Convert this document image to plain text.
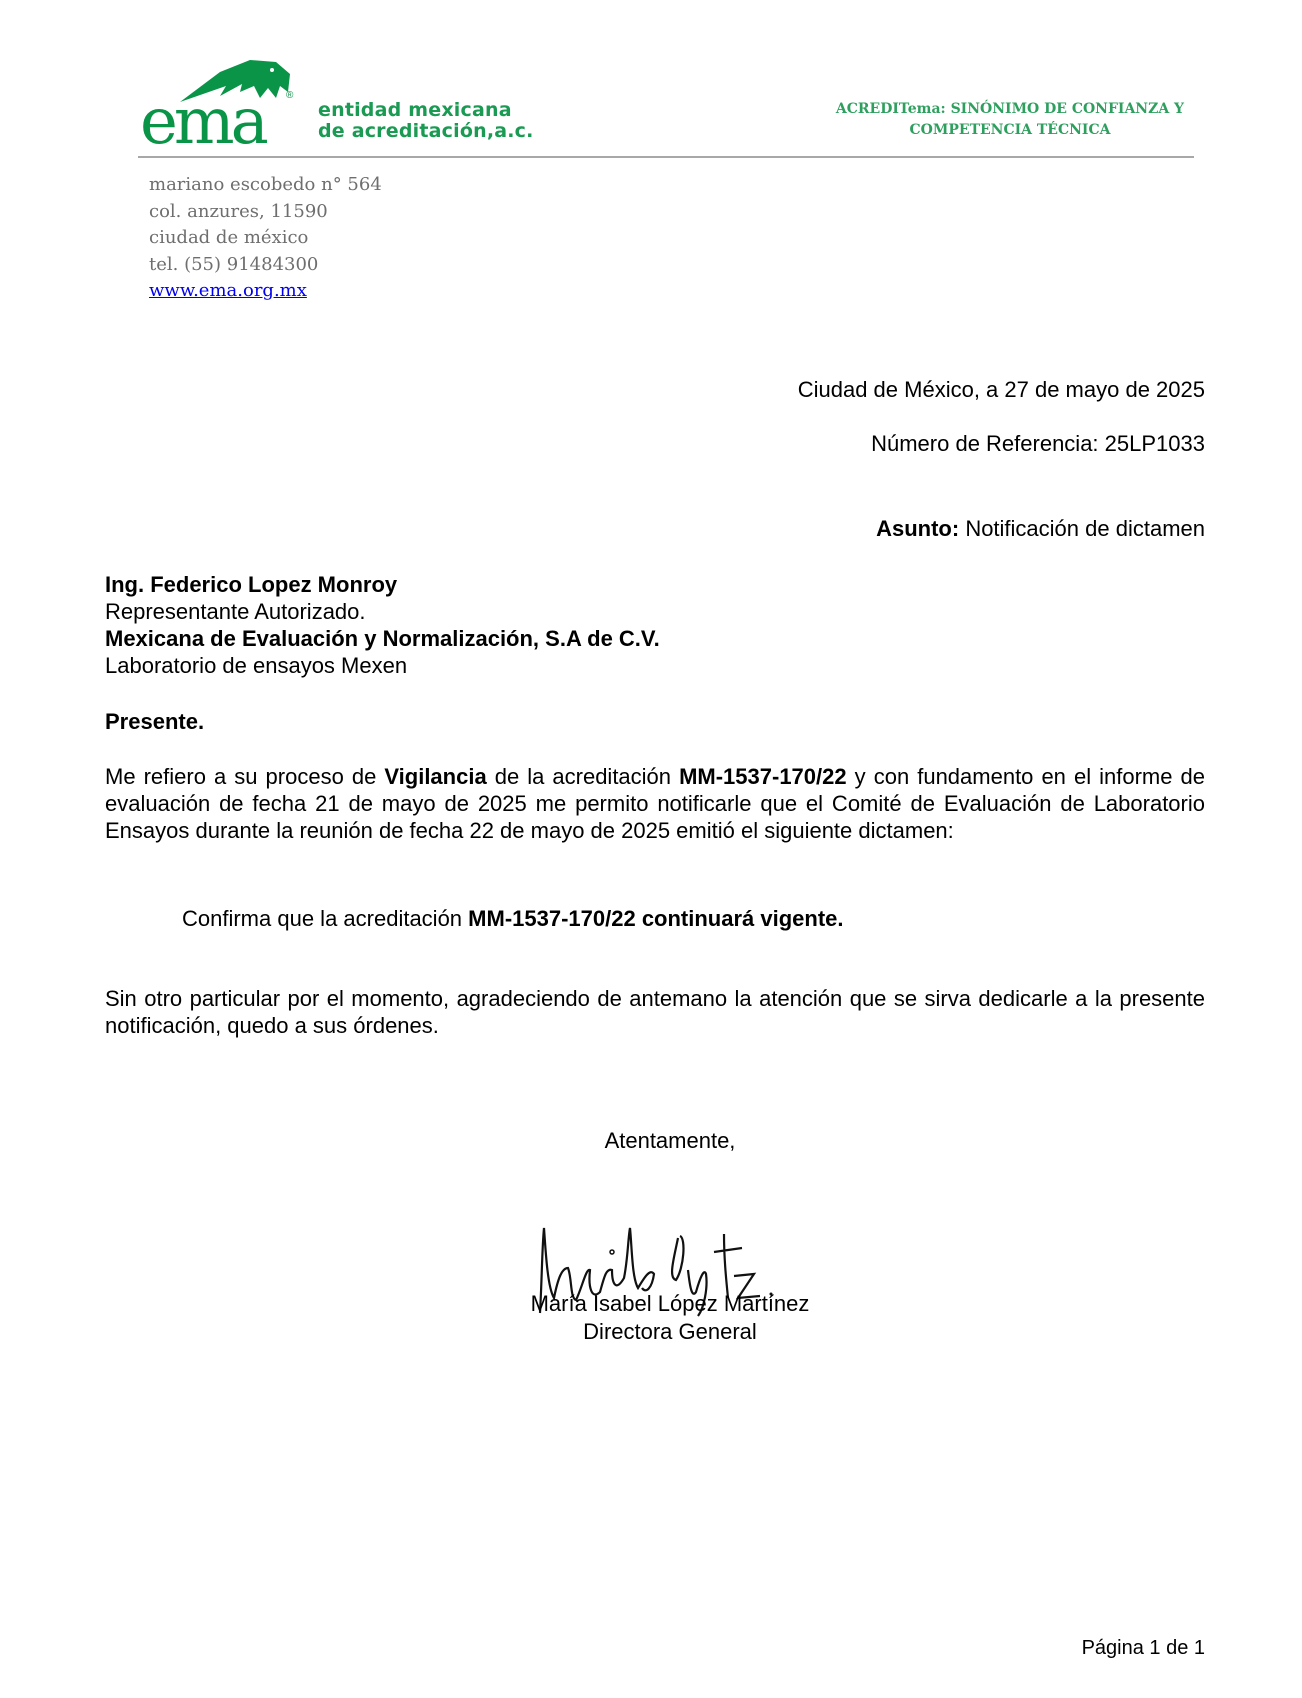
ema ®
entidad mexicana
de acreditación,a.c.
ACREDITema: SINÓNIMO DE CONFIANZA Y
COMPETENCIA TÉCNICA
mariano escobedo n° 564
col. anzures, 11590
ciudad de méxico
tel. (55) 91484300
www.ema.org.mx
Ciudad de México, a 27 de mayo de 2025
Número de Referencia: 25LP1033
Asunto: Notificación de dictamen
Ing. Federico Lopez Monroy
Representante Autorizado.
Mexicana de Evaluación y Normalización, S.A de C.V.
Laboratorio de ensayos Mexen
Presente.
Me refiero a su proceso de Vigilancia de la acreditación MM-1537-170/22 y con fundamento en el informe de evaluación de fecha 21 de mayo de 2025 me permito notificarle que el Comité de Evaluación de Laboratorio Ensayos durante la reunión de fecha 22 de mayo de 2025 emitió el siguiente dictamen:
Confirma que la acreditación MM-1537-170/22 continuará vigente.
Sin otro particular por el momento, agradeciendo de antemano la atención que se sirva dedicarle a la presente notificación, quedo a sus órdenes.
Atentamente,
María Isabel López Martínez
Directora General
Página 1 de 1
